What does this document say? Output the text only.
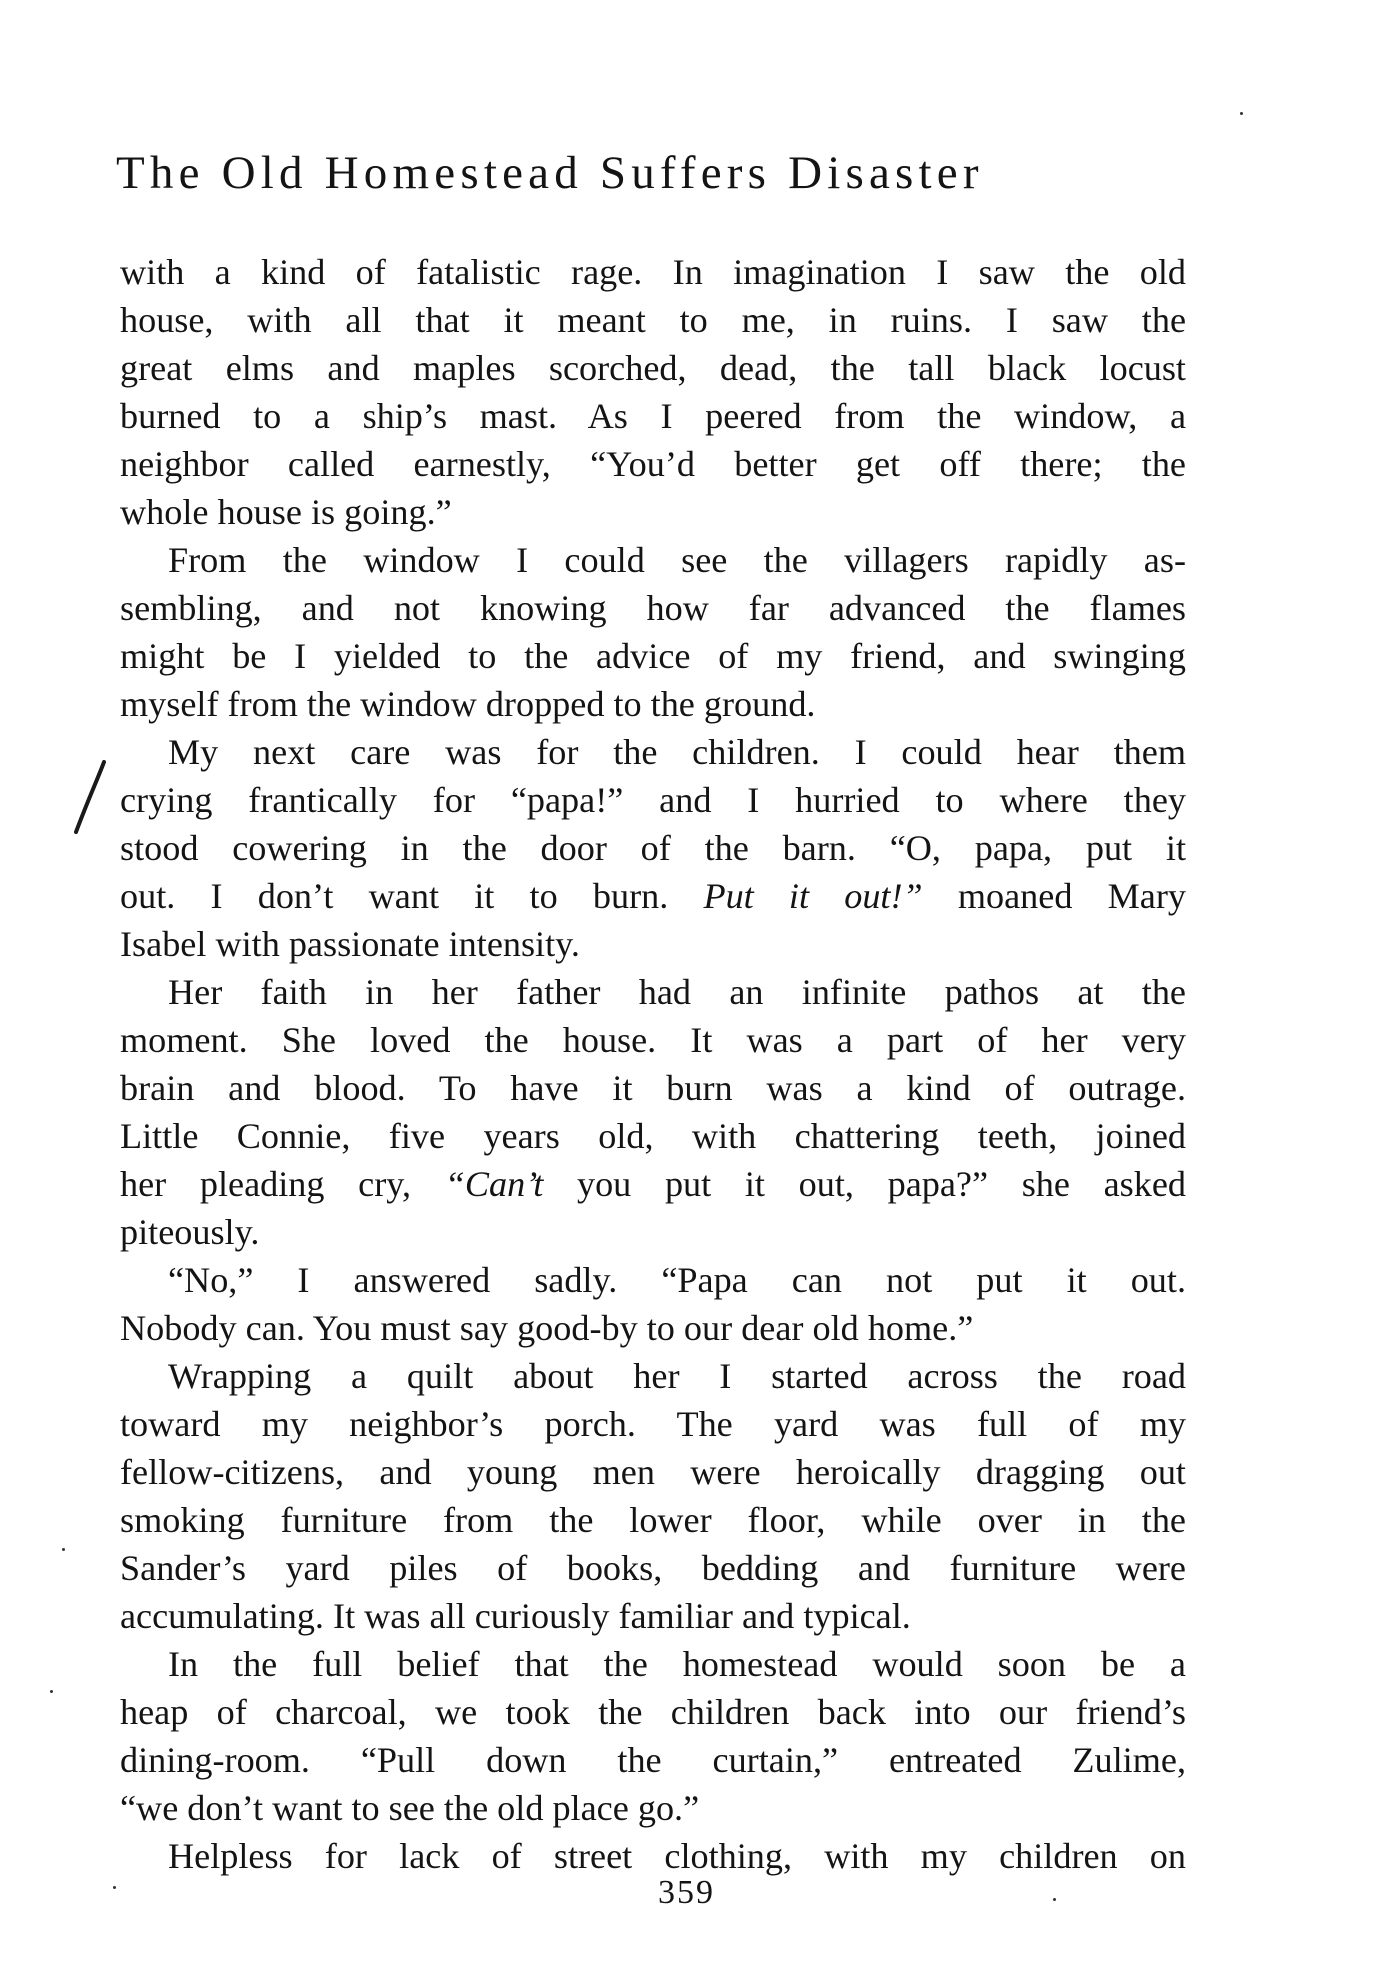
The Old Homestead Suffers Disaster

with a kind of fatalistic rage. In imagination I saw the old
house, with all that it meant to me, in ruins. I saw the
great elms and maples scorched, dead, the tall black locust
burned to a ship’s mast. As I peered from the window, a
neighbor called earnestly, “You’d better get off there; the
whole house is going.”

From the window I could see the villagers rapidly as-
sembling, and not knowing how far advanced the flames
might be I yielded to the advice of my friend, and swinging
myself from the window dropped to the ground.

My next care was for the children. I could hear them
crying frantically for “papa!” and I hurried to where they
stood cowering in the door of the barn. “O, papa, put it
out. I don’t want it to burn. Put it out!” moaned Mary
Isabel with passionate intensity.

Her faith in her father had an infinite pathos at the
moment. She loved the house. It was a part of her very
brain and blood. To have it burn was a kind of outrage.
Little Connie, five years old, with chattering teeth, joined
her pleading cry, “Can’t you put it out, papa?” she asked
piteously.

“No,” I answered sadly. “Papa can not put it out.
Nobody can. You must say good-by to our dear old home.”

Wrapping a quilt about her I started across the road
toward my neighbor’s porch. The yard was full of my
fellow-citizens, and young men were heroically dragging out
smoking furniture from the lower floor, while over in the
Sander’s yard piles of books, bedding and furniture were
accumulating. It was all curiously familiar and typical.

In the full belief that the homestead would soon be a
heap of charcoal, we took the children back into our friend’s
dining-room. “Pull down the curtain,” entreated Zulime,
“we don’t want to see the old place go.”

Helpless for lack of street clothing, with my children on

359
